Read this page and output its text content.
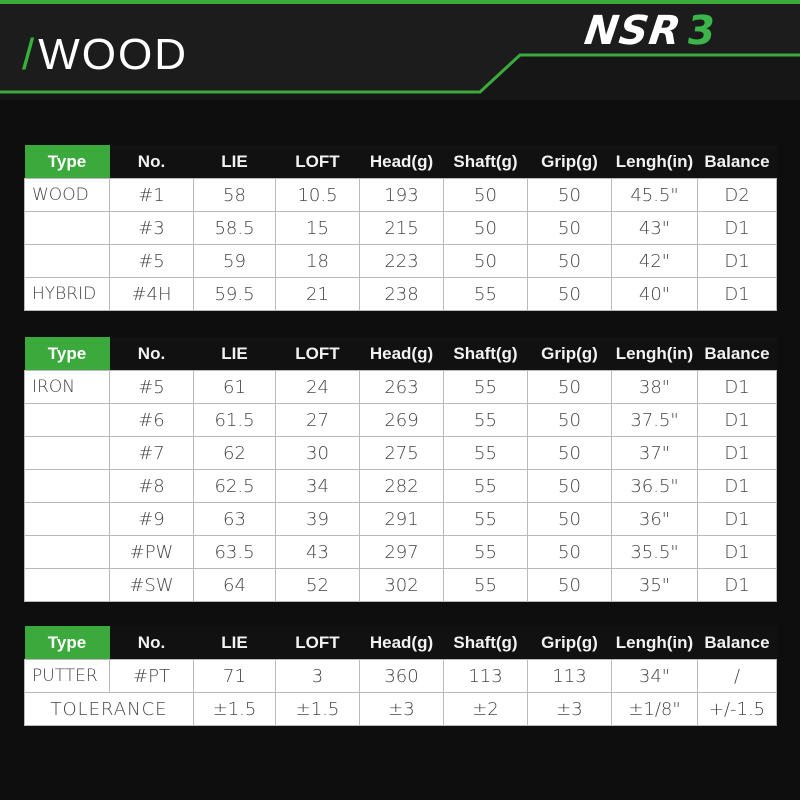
/WOOD	NSR3
Type	No.	LIE	LOFT	Head(g)	Shaft(g)	Grip(g)	Lengh(in)	Balance
WOOD	#1	58	10.5	193	50	50	45.5"	D2
	#3	58.5	15	215	50	50	43"	D1
	#5	59	18	223	50	50	42"	D1
HYBRID	#4H	59.5	21	238	55	50	40"	D1
Type	No.	LIE	LOFT	Head(g)	Shaft(g)	Grip(g)	Lengh(in)	Balance
IRON	#5	61	24	263	55	50	38"	D1
	#6	61.5	27	269	55	50	37.5"	D1
	#7	62	30	275	55	50	37"	D1
	#8	62.5	34	282	55	50	36.5"	D1
	#9	63	39	291	55	50	36"	D1
	#PW	63.5	43	297	55	50	35.5"	D1
	#SW	64	52	302	55	50	35"	D1
Type	No.	LIE	LOFT	Head(g)	Shaft(g)	Grip(g)	Lengh(in)	Balance
PUTTER	#PT	71	3	360	113	113	34"	/
TOLERANCE		±1.5	±1.5	±3	±2	±3	±1/8"	+/-1.5
